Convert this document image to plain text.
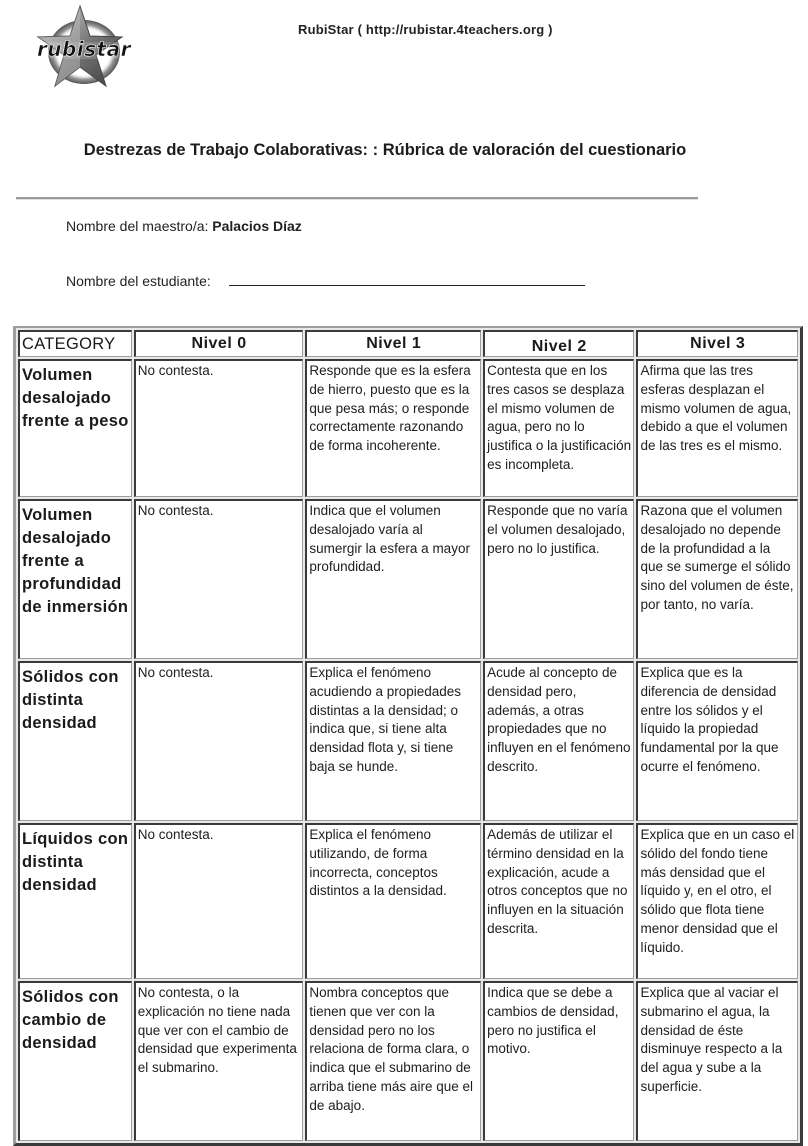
rubistar
RubiStar ( http://rubistar.4teachers.org )
Destrezas de Trabajo Colaborativas: : Rúbrica de valoración del cuestionario
Nombre del maestro/a: Palacios Díaz
Nombre del estudiante:
CATEGORY	Nivel 0	Nivel 1	Nivel 2	Nivel 3
Volumen desalojado frente a peso	No contesta.	Responde que es la esfera de hierro, puesto que es la que pesa más; o responde correctamente razonando de forma incoherente.	Contesta que en los tres casos se desplaza el mismo volumen de agua, pero no lo justifica o la justificación es incompleta.	Afirma que las tres esferas desplazan el mismo volumen de agua, debido a que el volumen de las tres es el mismo.
Volumen desalojado frente a profundidad de inmersión	No contesta.	Indica que el volumen desalojado varía al sumergir la esfera a mayor profundidad.	Responde que no varía el volumen desalojado, pero no lo justifica.	Razona que el volumen desalojado no depende de la profundidad a la que se sumerge el sólido sino del volumen de éste, por tanto, no varía.
Sólidos con distinta densidad	No contesta.	Explica el fenómeno acudiendo a propiedades distintas a la densidad; o indica que, si tiene alta densidad flota y, si tiene baja se hunde.	Acude al concepto de densidad pero, además, a otras propiedades que no influyen en el fenómeno descrito.	Explica que es la diferencia de densidad entre los sólidos y el líquido la propiedad fundamental por la que ocurre el fenómeno.
Líquidos con distinta densidad	No contesta.	Explica el fenómeno utilizando, de forma incorrecta, conceptos distintos a la densidad.	Además de utilizar el término densidad en la explicación, acude a otros conceptos que no influyen en la situación descrita.	Explica que en un caso el sólido del fondo tiene más densidad que el líquido y, en el otro, el sólido que flota tiene menor densidad que el líquido.
Sólidos con cambio de densidad	No contesta, o la explicación no tiene nada que ver con el cambio de densidad que experimenta el submarino.	Nombra conceptos que tienen que ver con la densidad pero no los relaciona de forma clara, o indica que el submarino de arriba tiene más aire que el de abajo.	Indica que se debe a cambios de densidad, pero no justifica el motivo.	Explica que al vaciar el submarino el agua, la densidad de éste disminuye respecto a la del agua y sube a la superficie.
